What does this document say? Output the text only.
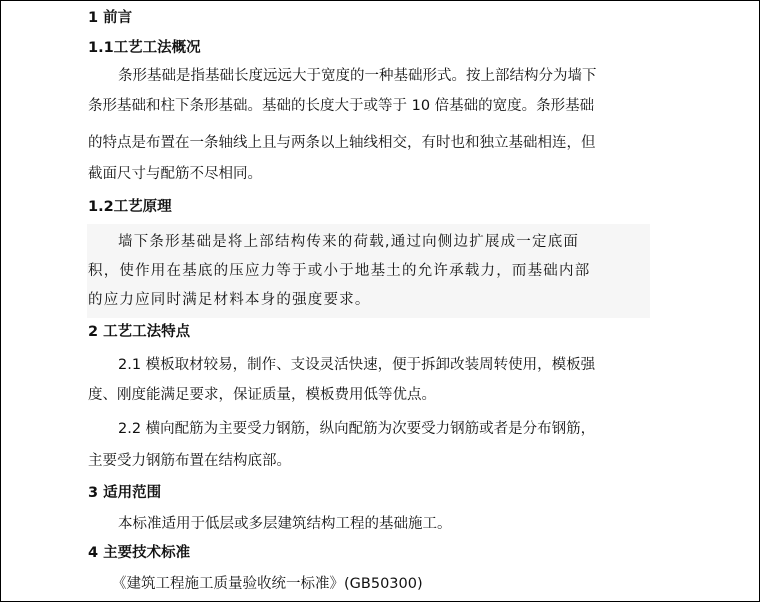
1 前言
1.1工艺工法概况
条形基础是指基础长度远远大于宽度的一种基础形式。按上部结构分为墙下
条形基础和柱下条形基础。基础的长度大于或等于 10 倍基础的宽度。条形基础
的特点是布置在一条轴线上且与两条以上轴线相交，有时也和独立基础相连，但
截面尺寸与配筋不尽相同。
1.2工艺原理
墙下条形基础是将上部结构传来的荷载,通过向侧边扩展成一定底面
积，使作用在基底的压应力等于或小于地基土的允许承载力，而基础内部
的应力应同时满足材料本身的强度要求。
2 工艺工法特点
2.1 模板取材较易，制作、支设灵活快速，便于拆卸改装周转使用，模板强
度、刚度能满足要求，保证质量，模板费用低等优点。
2.2 横向配筋为主要受力钢筋，纵向配筋为次要受力钢筋或者是分布钢筋，
主要受力钢筋布置在结构底部。
3 适用范围
本标准适用于低层或多层建筑结构工程的基础施工。
4 主要技术标准
《建筑工程施工质量验收统一标准》(GB50300)
